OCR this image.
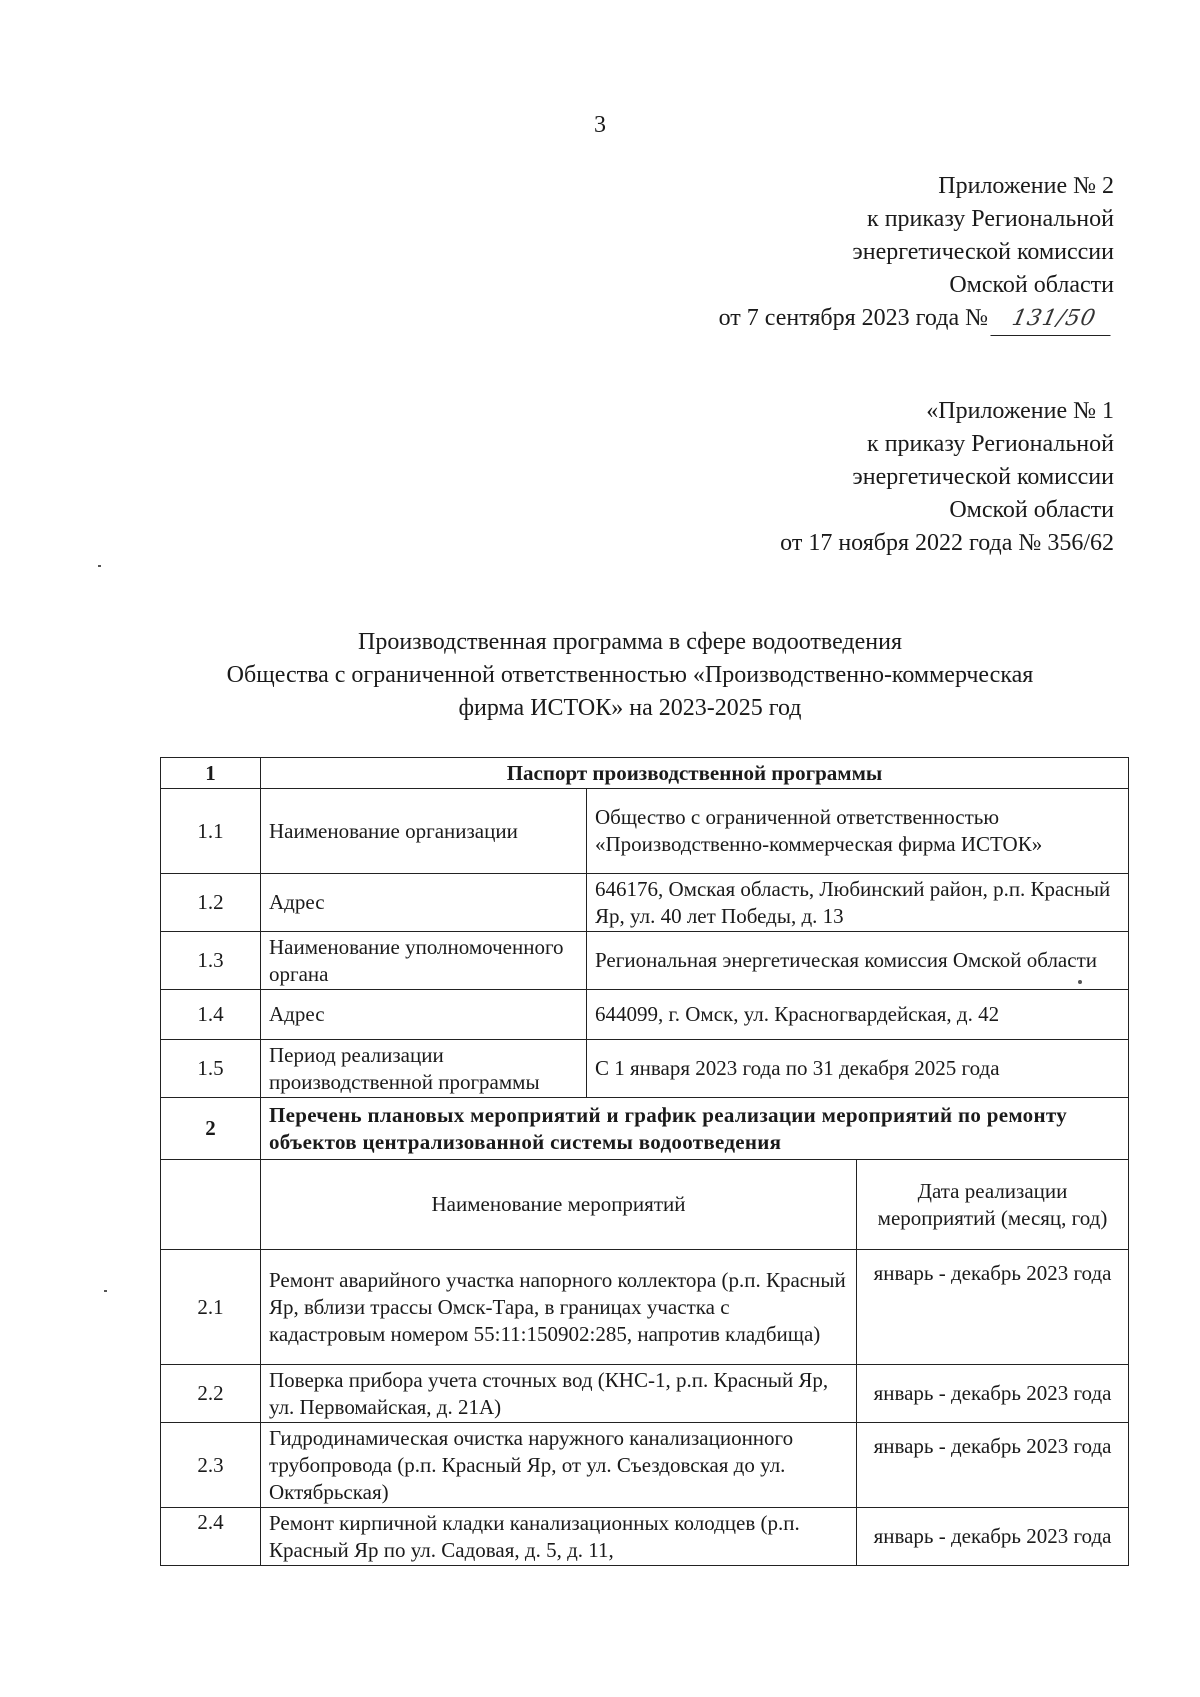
3
Приложение № 2
к приказу Региональной
энергетической комиссии
Омской области
от 7 сентября 2023 года № 131/50
«Приложение № 1
к приказу Региональной
энергетической комиссии
Омской области
от 17 ноября 2022 года № 356/62
Производственная программа в сфере водоотведения
Общества с ограниченной ответственностью «Производственно-коммерческая
фирма ИСТОК» на 2023-2025 год
1	Паспорт производственной программы		
1.1	Наименование организации	Общество с ограниченной ответственностью «Производственно-коммерческая фирма ИСТОК»	
1.2	Адрес	646176, Омская область, Любинский район, р.п. Красный Яр, ул. 40 лет Победы, д. 13	
1.3	Наименование уполномоченного органа	Региональная энергетическая комиссия Омской области	
1.4	Адрес	644099, г. Омск, ул. Красногвардейская, д. 42	
1.5	Период реализации производственной программы	С 1 января 2023 года по 31 декабря 2025 года	
2	Перечень плановых мероприятий и график реализации мероприятий по ремонту объектов централизованной системы водоотведения		
	Наименование мероприятий		Дата реализации мероприятий (месяц, год)
2.1	Ремонт аварийного участка напорного коллектора (р.п. Красный Яр, вблизи трассы Омск-Тара, в границах участка с кадастровым номером 55:11:150902:285, напротив кладбища)		январь - декабрь 2023 года
2.2	Поверка прибора учета сточных вод (КНС-1, р.п. Красный Яр, ул. Первомайская, д. 21А)		январь - декабрь 2023 года
2.3	Гидродинамическая очистка наружного канализационного трубопровода (р.п. Красный Яр, от ул. Съездовская до ул. Октябрьская)		январь - декабрь 2023 года
2.4	Ремонт кирпичной кладки канализационных колодцев (р.п. Красный Яр по ул. Садовая, д. 5, д. 11,		январь - декабрь 2023 года
